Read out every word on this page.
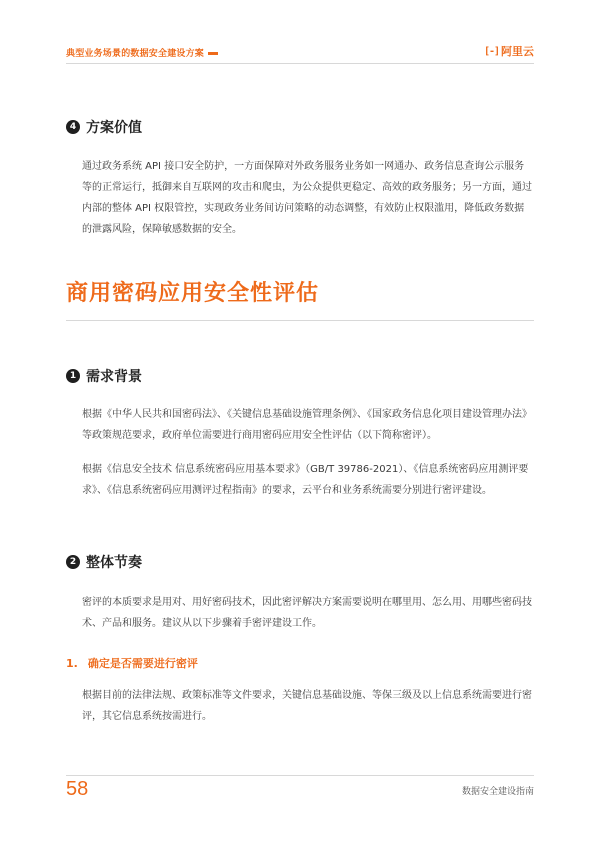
典型业务场景的数据安全建设方案	[-] 阿里云
4 方案价值

通过政务系统 API 接口安全防护，一方面保障对外政务服务业务如一网通办、政务信息查询公示服务等的正常运行，抵御来自互联网的攻击和爬虫，为公众提供更稳定、高效的政务服务；另一方面，通过内部的整体 API 权限管控，实现政务业务间访问策略的动态调整，有效防止权限滥用，降低政务数据的泄露风险，保障敏感数据的安全。

商用密码应用安全性评估
1 需求背景

根据《中华人民共和国密码法》、《关键信息基础设施管理条例》、《国家政务信息化项目建设管理办法》等政策规范要求，政府单位需要进行商用密码应用安全性评估（以下简称密评）。

根据《信息安全技术 信息系统密码应用基本要求》（GB/T 39786-2021）、《信息系统密码应用测评要求》、《信息系统密码应用测评过程指南》的要求，云平台和业务系统需要分别进行密评建设。

2 整体节奏

密评的本质要求是用对、用好密码技术，因此密评解决方案需要说明在哪里用、怎么用、用哪些密码技术、产品和服务。建议从以下步骤着手密评建设工作。

1. 确定是否需要进行密评

根据目前的法律法规、政策标准等文件要求，关键信息基础设施、等保三级及以上信息系统需要进行密评，其它信息系统按需进行。

58	数据安全建设指南
